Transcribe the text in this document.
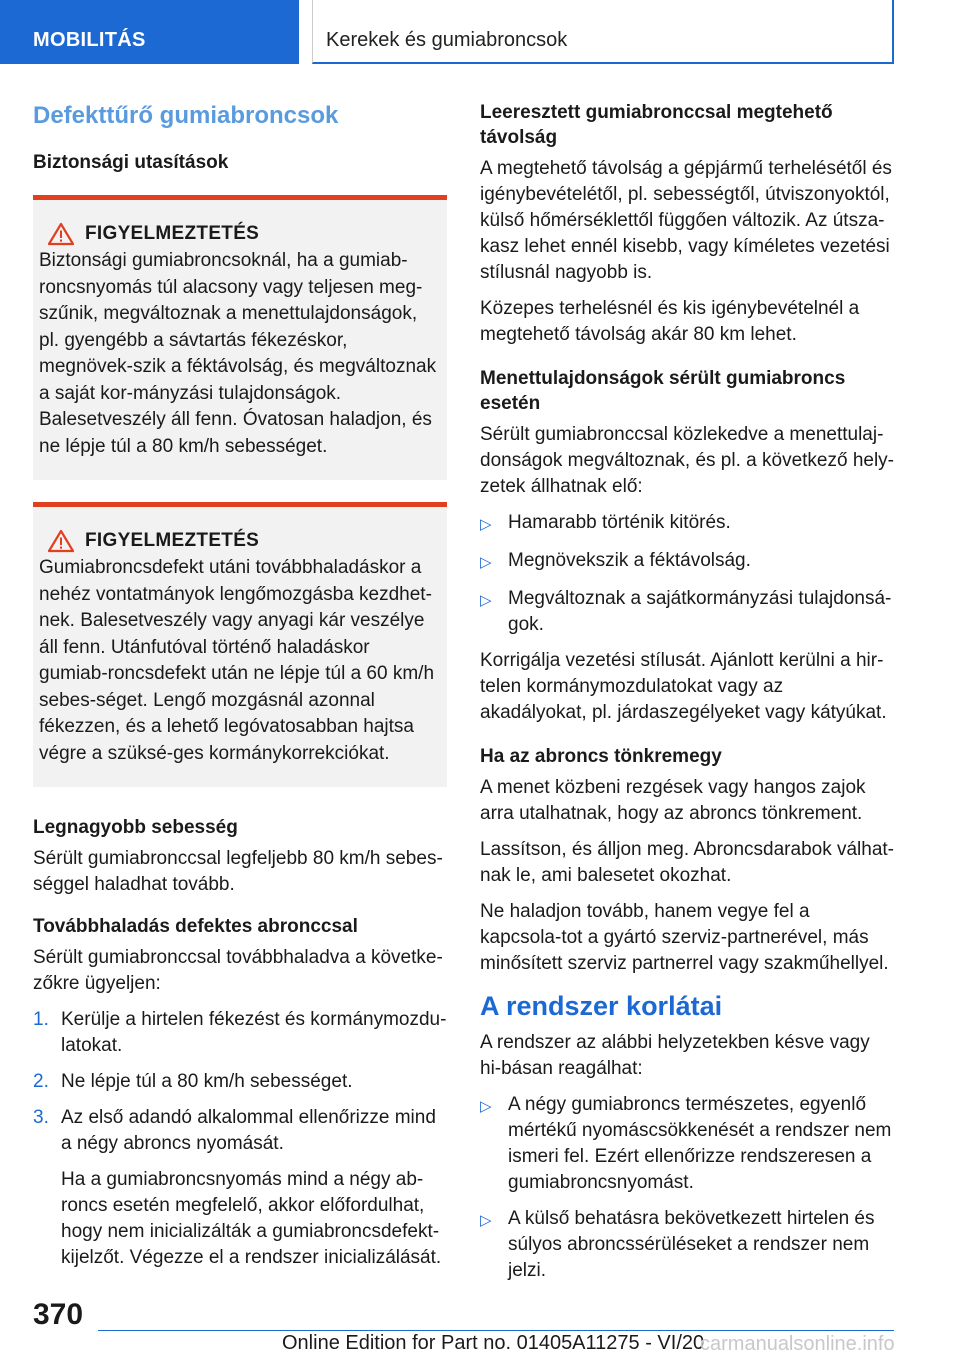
MOBILITÁS	Kerekek és gumiabroncsok
Defekttűrő gumiabroncsok
Biztonsági utasítások
FIGYELMEZTETÉS

Biztonsági gumiabroncsoknál, ha a gumiab-roncsnyomás túl alacsony vagy teljesen meg-szűnik, megváltoznak a menettulajdonságok, pl. gyengébb a sávtartás fékezéskor, megnövek-szik a féktávolság, és megváltoznak a saját kor-mányzási tulajdonságok. Balesetveszély áll fenn. Óvatosan haladjon, és ne lépje túl a 80 km/h sebességet.

FIGYELMEZTETÉS

Gumiabroncsdefekt utáni továbbhaladáskor a nehéz vontatmányok lengőmozgásba kezdhet-nek. Balesetveszély vagy anyagi kár veszélye áll fenn. Utánfutóval történő haladáskor gumiab-roncsdefekt után ne lépje túl a 60 km/h sebes-séget. Lengő mozgásnál azonnal fékezzen, és a lehető legóvatosabban hajtsa végre a szüksé-ges kormánykorrekciókat.

Legnagyobb sebesség

Sérült gumiabronccsal legfeljebb 80 km/h sebes-séggel haladhat tovább.

Továbbhaladás defektes abronccsal

Sérült gumiabronccsal továbbhaladva a követke-zőkre ügyeljen:

1. Kerülje a hirtelen fékezést és kormánymozdu-latokat.
2. Ne lépje túl a 80 km/h sebességet.
3. Az első adandó alkalommal ellenőrizze mind a négy abroncs nyomását.

Ha a gumiabroncsnyomás mind a négy ab-roncs esetén megfelelő, akkor előfordulhat, hogy nem inicializálták a gumiabroncsdefekt-kijelzőt. Végezze el a rendszer inicializálását.

Leeresztett gumiabronccsal megtehető távolság

A megtehető távolság a gépjármű terhelésétől és igénybevételétől, pl. sebességtől, útviszonyoktól, külső hőmérséklettől függően változik. Az útsza-kasz lehet ennél kisebb, vagy kíméletes vezetési stílusnál nagyobb is.

Közepes terhelésnél és kis igénybevételnél a megtehető távolság akár 80 km lehet.

Menettulajdonságok sérült gumiabroncs esetén

Sérült gumiabronccsal közlekedve a menettulaj-donságok megváltoznak, és pl. a következő hely-zetek állhatnak elő:

▷ Hamarabb történik kitörés.
▷ Megnövekszik a féktávolság.
▷ Megváltoznak a sajátkormányzási tulajdonsá-gok.

Korrigálja vezetési stílusát. Ajánlott kerülni a hir-telen kormánymozdulatokat vagy az akadályokat, pl. járdaszegélyeket vagy kátyúkat.

Ha az abroncs tönkremegy

A menet közbeni rezgések vagy hangos zajok arra utalhatnak, hogy az abroncs tönkrement.

Lassítson, és álljon meg. Abroncsdarabok válhat-nak le, ami balesetet okozhat.

Ne haladjon tovább, hanem vegye fel a kapcsola-tot a gyártó szerviz-partnerével, más minősített szerviz partnerrel vagy szakműhellyel.

A rendszer korlátai

A rendszer az alábbi helyzetekben késve vagy hi-básan reagálhat:

▷ A négy gumiabroncs természetes, egyenlő mértékű nyomáscsökkenését a rendszer nem ismeri fel. Ezért ellenőrizze rendszeresen a gumiabroncsnyomást.
▷ A külső behatásra bekövetkezett hirtelen és súlyos abroncssérüléseket a rendszer nem jelzi.
370
Online Edition for Part no. 01405A11275 - VI/20
carmanualsonline.info
